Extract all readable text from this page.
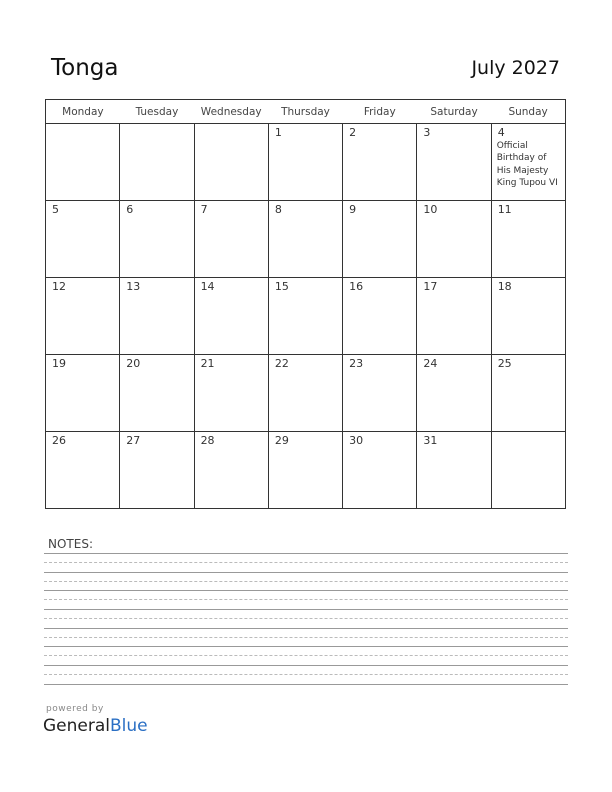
Tonga	July 2027
Monday	Tuesday	Wednesday	Thursday	Friday	Saturday	Sunday

			1	2	3	4
Official Birthday of His Majesty King Tupou VI

5	6	7	8	9	10	11

12	13	14	15	16	17	18

19	20	21	22	23	24	25

26	27	28	29	30	31	

NOTES:
powered by
GeneralBlue
